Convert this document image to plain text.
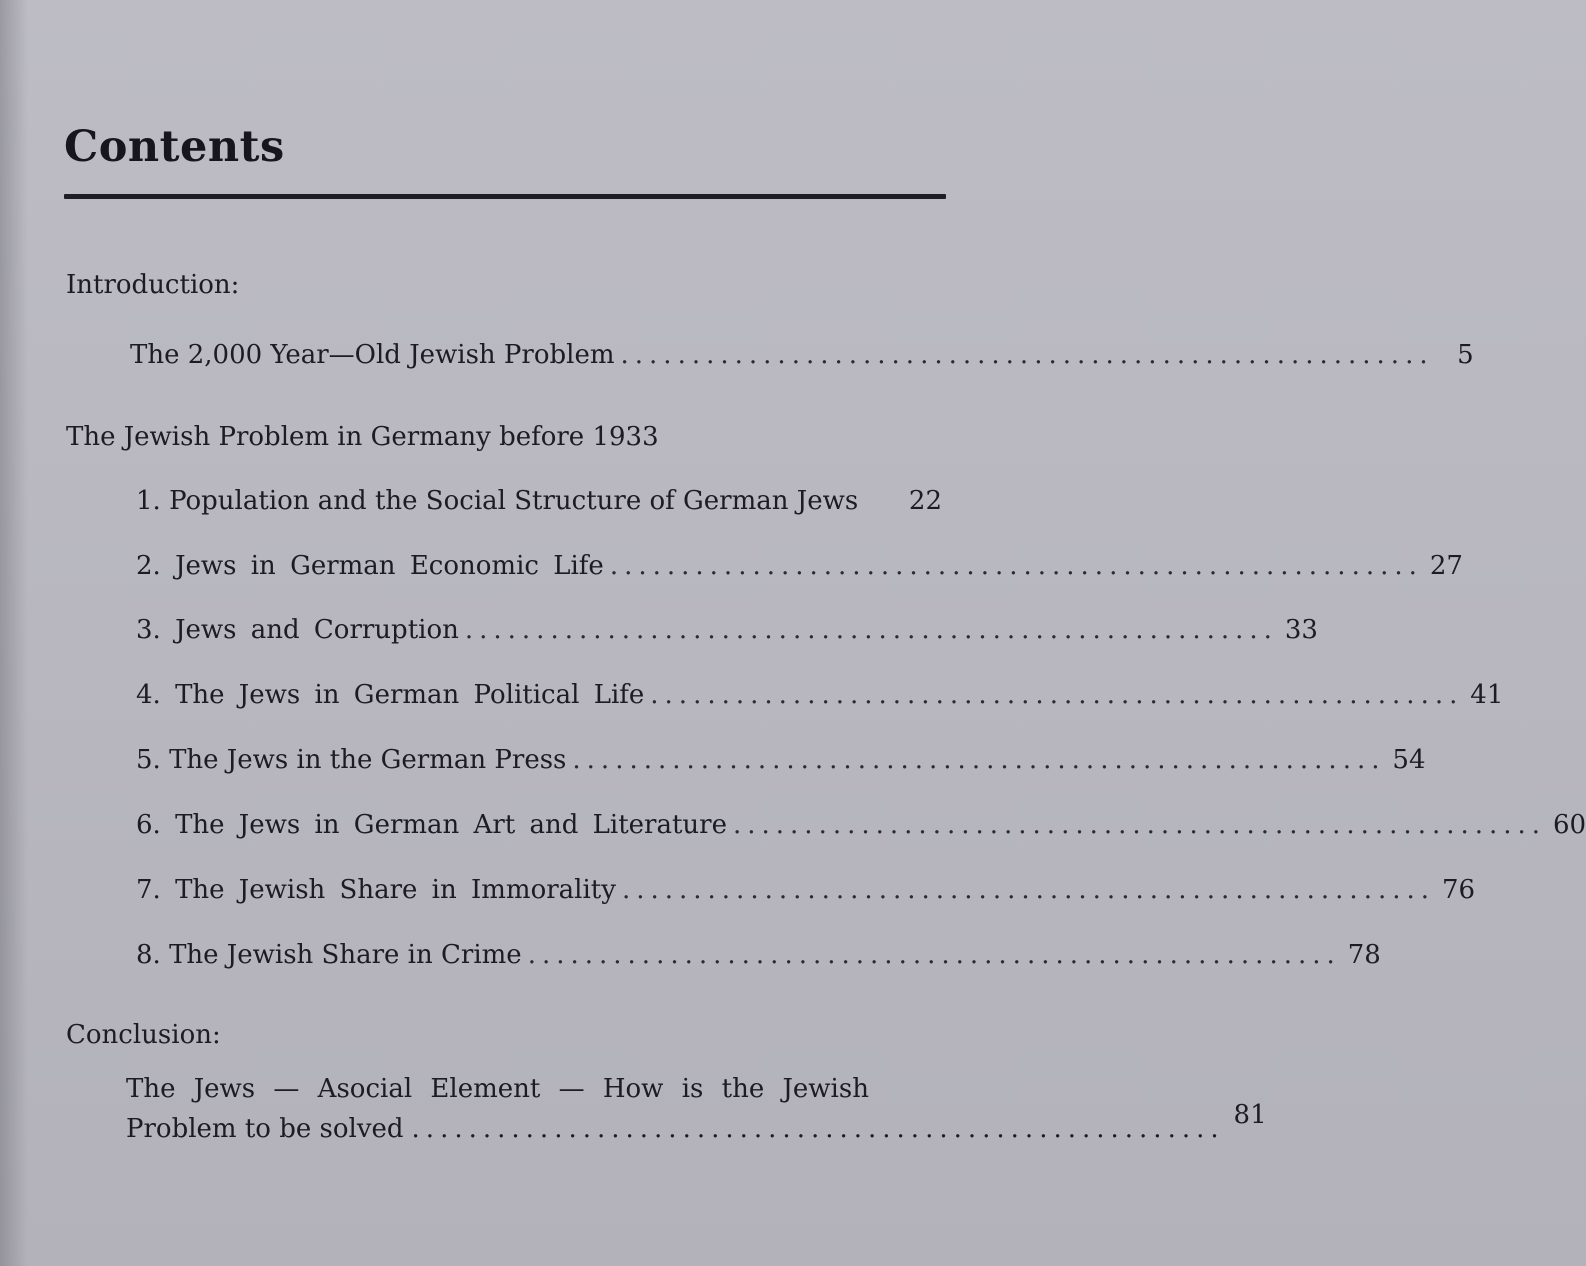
Contents
Introduction:
The 2,000 Year—Old Jewish Problem ......................................................... 5
The Jewish Problem in Germany before 1933
1. Population and the Social Structure of German Jews 22
2. Jews in German Economic Life ......................................................... 27
3. Jews and Corruption ......................................................... 33
4. The Jews in German Political Life ......................................................... 41
5. The Jews in the German Press ......................................................... 54
6. The Jews in German Art and Literature ......................................................... 60
7. The Jewish Share in Immorality ......................................................... 76
8. The Jewish Share in Crime ......................................................... 78
Conclusion:
The Jews — Asocial Element — How is the Jewish
Problem to be solved ......................................................... 81
